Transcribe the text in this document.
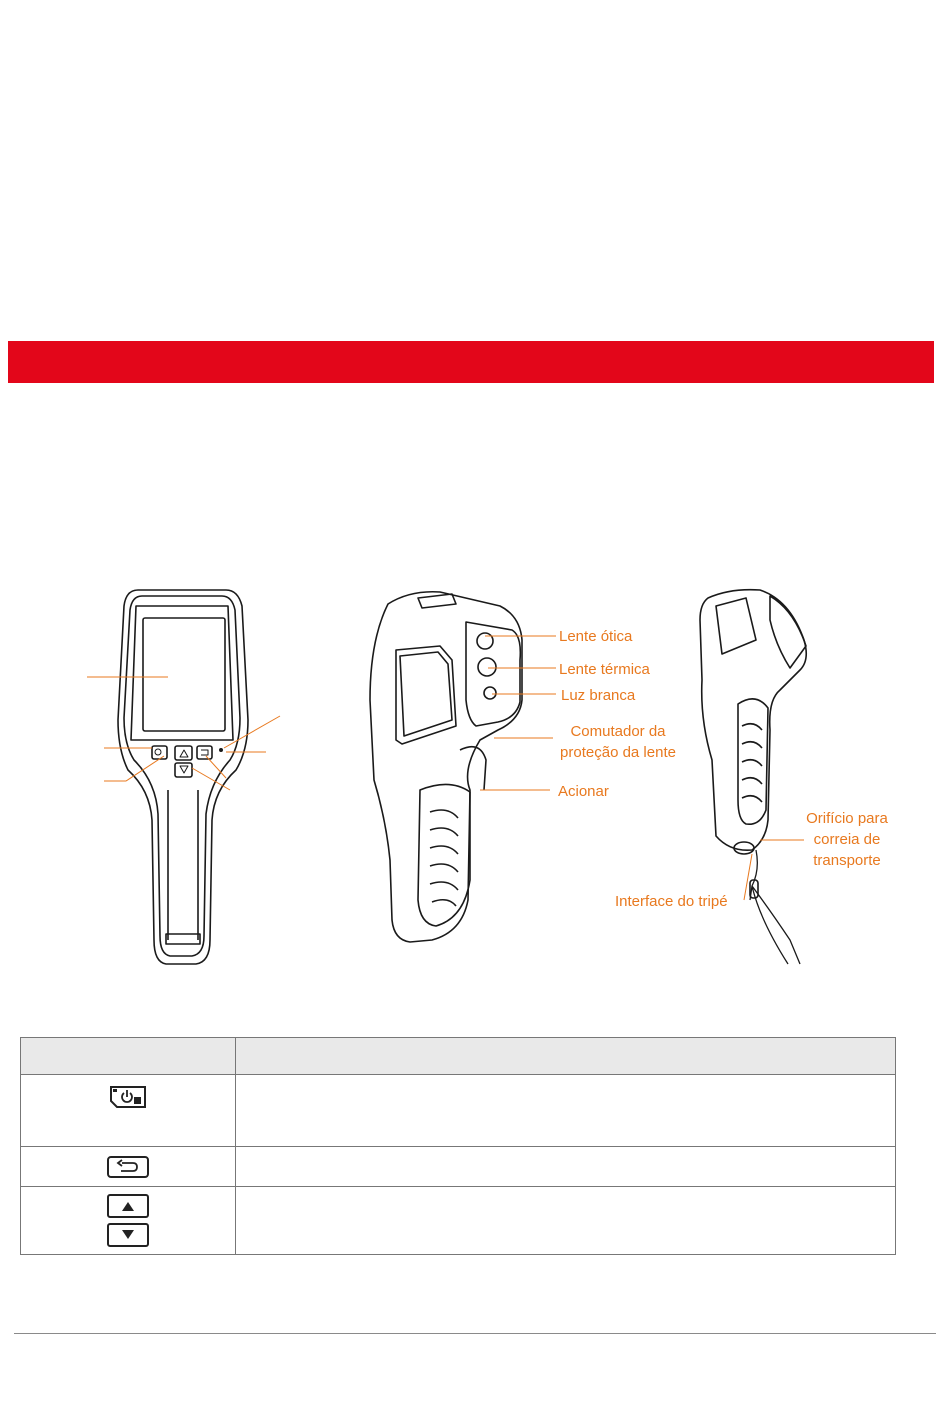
Lente ótica
Lente térmica
Luz branca
Comutador da
proteção da lente
Acionar
Orifício para
correia de
transporte
Interface do tripé
